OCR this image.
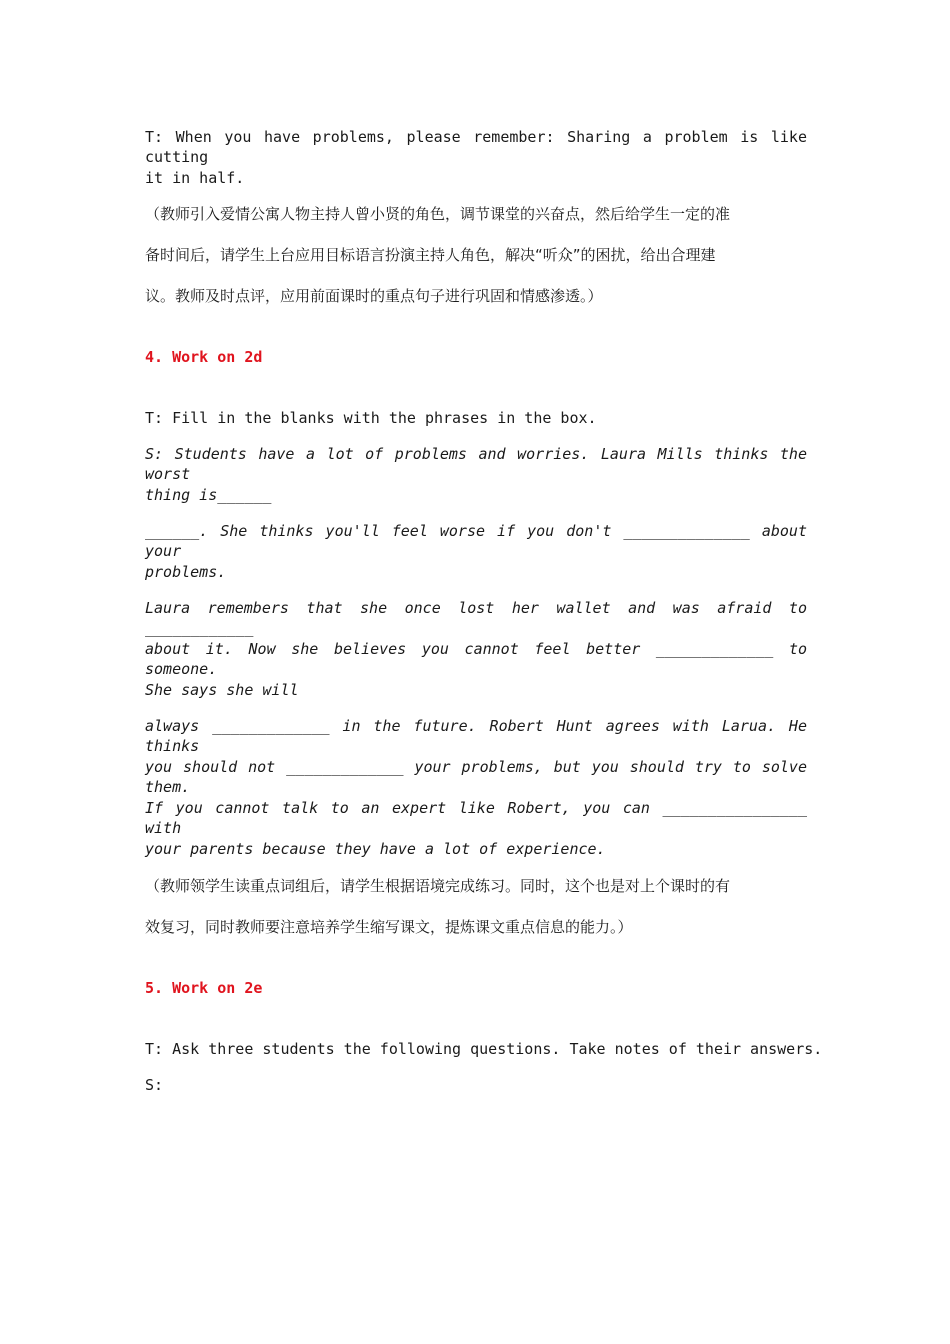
T: When you have problems, please remember: Sharing a problem is like cutting
it in half.
（教师引入爱情公寓人物主持人曾小贤的角色，调节课堂的兴奋点，然后给学生一定的准
备时间后，请学生上台应用目标语言扮演主持人角色，解决“听众”的困扰，给出合理建
议。教师及时点评，应用前面课时的重点句子进行巩固和情感渗透。）
4. Work on 2d
T: Fill in the blanks with the phrases in the box.
S: Students have a lot of problems and worries. Laura Mills thinks the worst
thing is______
______. She thinks you'll feel worse if you don't ______________ about your
problems.
Laura remembers that she once lost her wallet and was afraid to ____________
about it. Now she believes you cannot feel better _____________ to someone.
She says she will
always _____________ in the future. Robert Hunt agrees with Larua. He thinks
you should not _____________ your problems, but you should try to solve them.
If you cannot talk to an expert like Robert, you can ________________ with
your parents because they have a lot of experience.
（教师领学生读重点词组后，请学生根据语境完成练习。同时，这个也是对上个课时的有
效复习，同时教师要注意培养学生缩写课文，提炼课文重点信息的能力。）
5. Work on 2e
T: Ask three students the following questions. Take notes of their answers.
S:
